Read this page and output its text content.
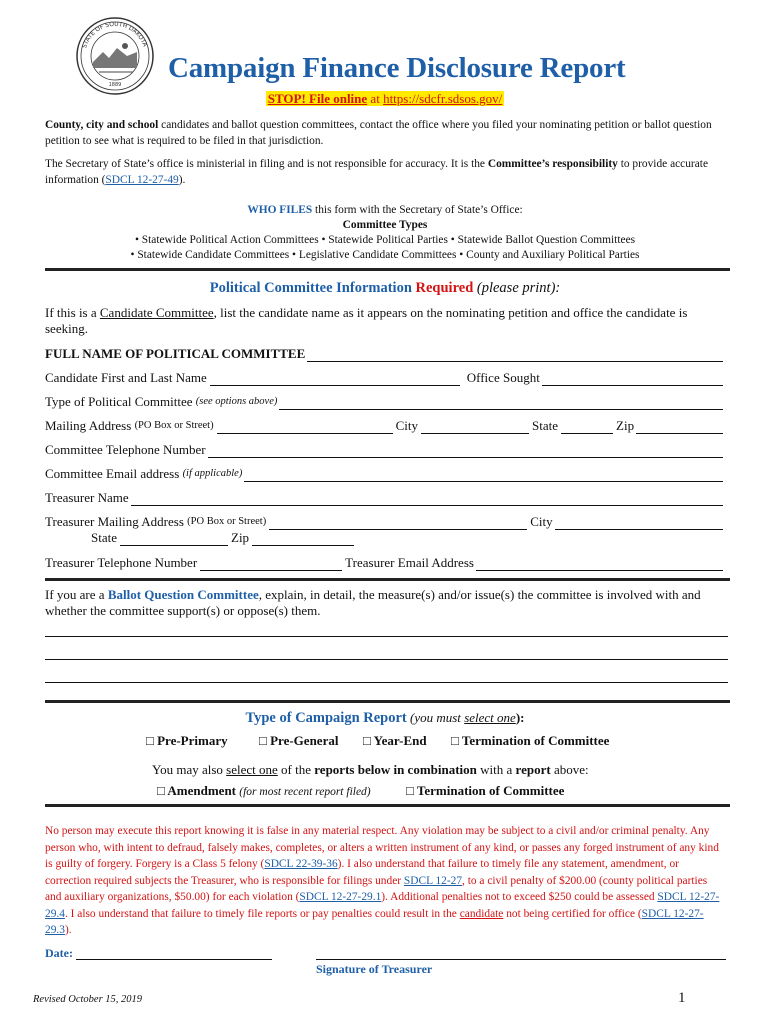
STATE OF SOUTH DAKOTA
1889
Campaign Finance Disclosure Report
STOP! File online at https://sdcfr.sdsos.gov/
County, city and school candidates and ballot question committees, contact the office where you filed your nominating petition or ballot question petition to see what is required to be filed in that jurisdiction.
The Secretary of State’s office is ministerial in filing and is not responsible for accuracy. It is the Committee’s responsibility to provide accurate information (SDCL 12-27-49).
WHO FILES this form with the Secretary of State’s Office:
Committee Types
• Statewide Political Action Committees • Statewide Political Parties • Statewide Ballot Question Committees
• Statewide Candidate Committees • Legislative Candidate Committees • County and Auxiliary Political Parties
Political Committee Information Required (please print):
If this is a Candidate Committee, list the candidate name as it appears on the nominating petition and office the candidate is seeking.
FULL NAME OF POLITICAL COMMITTEE
Candidate First and Last Name	Office Sought
Type of Political Committee
(see options above)
Mailing Address
(PO Box or Street)	City	State	Zip
Committee Telephone Number
Committee Email address
(if applicable)
Treasurer Name
Treasurer Mailing Address
(PO Box or Street)	City
State	Zip
Treasurer Telephone Number	Treasurer Email Address
If you are a Ballot Question Committee, explain, in detail, the measure(s) and/or issue(s) the committee is involved with and whether the committee support(s) or oppose(s) them.
Type of Campaign Report (you must select one):
□ Pre-Primary □ Pre-General □ Year-End □ Termination of Committee
You may also select one of the reports below in combination with a report above:
□ Amendment (for most recent report filed)	□ Termination of Committee
No person may execute this report knowing it is false in any material respect. Any violation may be subject to a civil and/or criminal penalty. Any person who, with intent to defraud, falsely makes, completes, or alters a written instrument of any kind, or passes any forged instrument of any kind is guilty of forgery. Forgery is a Class 5 felony (SDCL 22-39-36). I also understand that failure to timely file any statement, amendment, or correction required subjects the Treasurer, who is responsible for filings under SDCL 12-27, to a civil penalty of $200.00 (county political parties and auxiliary organizations, $50.00) for each violation (SDCL 12-27-29.1). Additional penalties not to exceed $250 could be assessed SDCL 12-27-29.4. I also understand that failure to timely file reports or pay penalties could result in the candidate not being certified for office (SDCL 12-27-29.3).
Date:
Signature of Treasurer
Revised October 15, 2019	1
